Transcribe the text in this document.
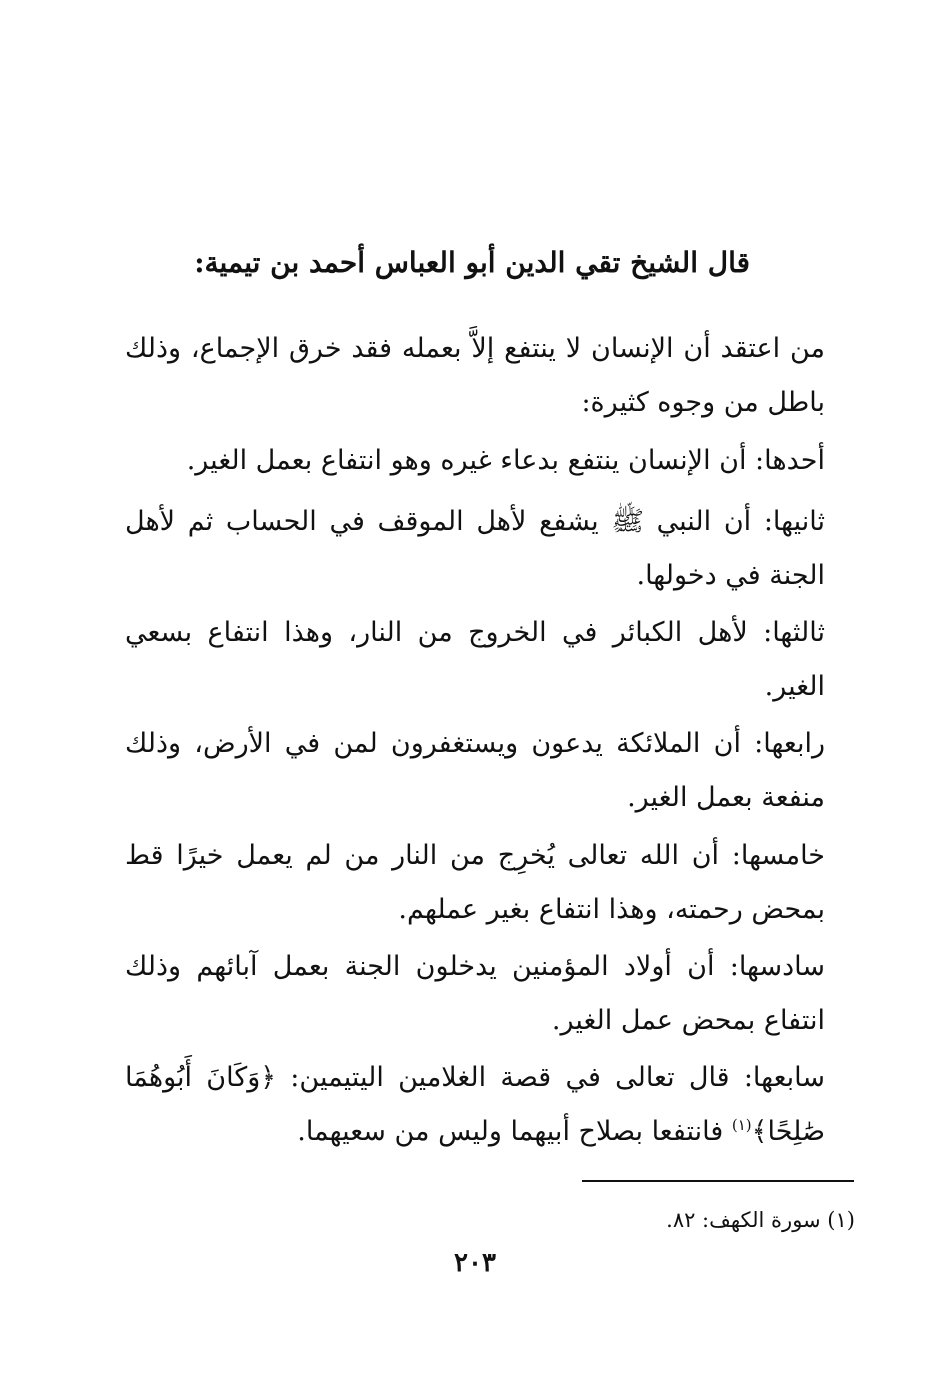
قال الشيخ تقي الدين أبو العباس أحمد بن تيمية:

من اعتقد أن الإنسان لا ينتفع إلاَّ بعمله فقد خرق الإجماع، وذلك باطل من وجوه كثيرة:

أحدها: أن الإنسان ينتفع بدعاء غيره وهو انتفاع بعمل الغير.

ثانيها: أن النبي ﷺ يشفع لأهل الموقف في الحساب ثم لأهل الجنة في دخولها.

ثالثها: لأهل الكبائر في الخروج من النار، وهذا انتفاع بسعي الغير.

رابعها: أن الملائكة يدعون ويستغفرون لمن في الأرض، وذلك منفعة بعمل الغير.

خامسها: أن الله تعالى يُخرِج من النار من لم يعمل خيرًا قط بمحض رحمته، وهذا انتفاع بغير عملهم.

سادسها: أن أولاد المؤمنين يدخلون الجنة بعمل آبائهم وذلك انتفاع بمحض عمل الغير.

سابعها: قال تعالى في قصة الغلامين اليتيمين: ﴿وَكَانَ أَبُوهُمَا صَٰلِحًا﴾$^{(١)}$ فانتفعا بصلاح أبيهما وليس من سعيهما.

(١) سورة الكهف: ٨٢.
٢٠٣
